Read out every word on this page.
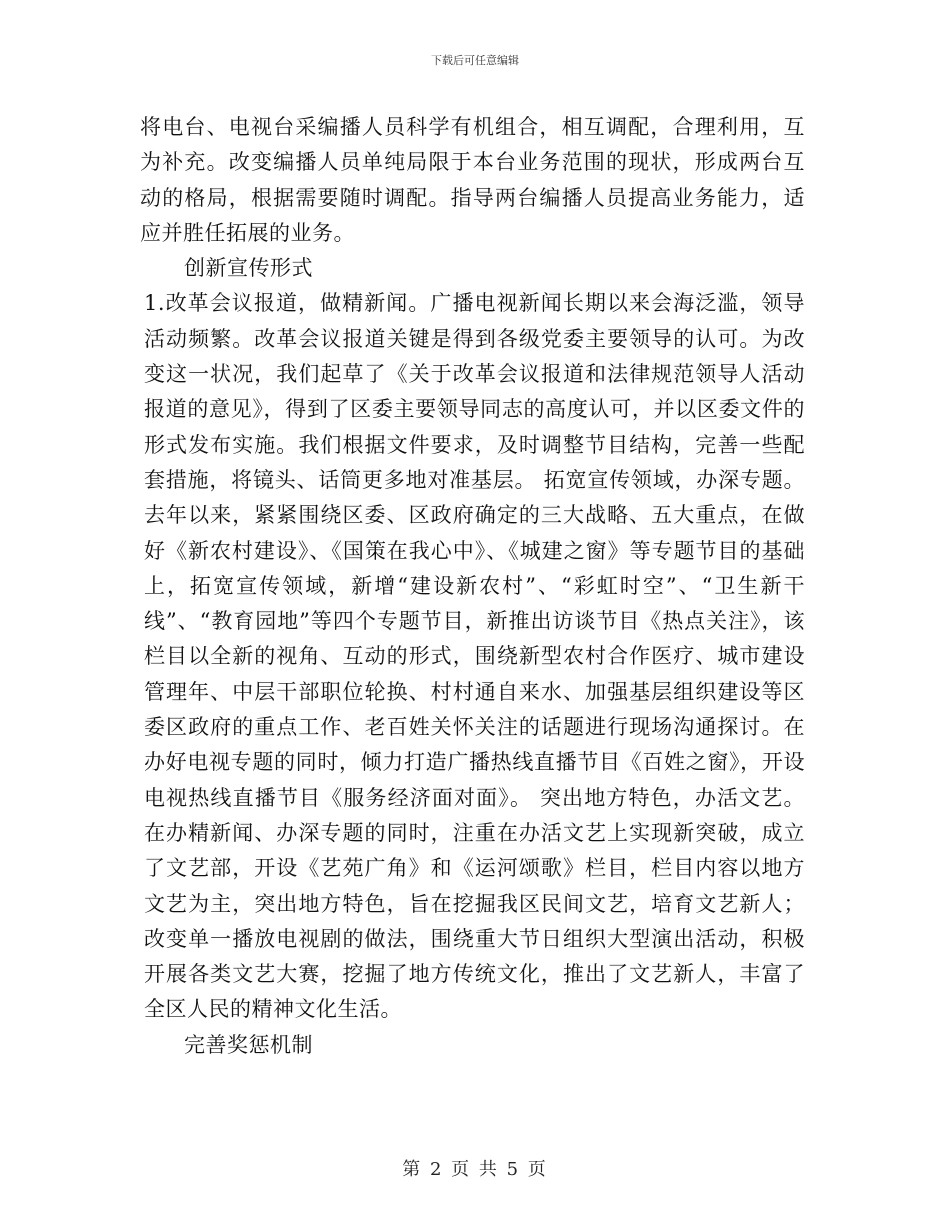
下载后可任意编辑

将电台、电视台采编播人员科学有机组合，相互调配，合理利用，互为补充。改变编播人员单纯局限于本台业务范围的现状，形成两台互动的格局，根据需要随时调配。指导两台编播人员提高业务能力，适应并胜任拓展的业务。

创新宣传形式

1.改革会议报道，做精新闻。广播电视新闻长期以来会海泛滥，领导活动频繁。改革会议报道关键是得到各级党委主要领导的认可。为改变这一状况，我们起草了《关于改革会议报道和法律规范领导人活动报道的意见》，得到了区委主要领导同志的高度认可，并以区委文件的形式发布实施。我们根据文件要求，及时调整节目结构，完善一些配套措施，将镜头、话筒更多地对准基层。 拓宽宣传领域，办深专题。去年以来，紧紧围绕区委、区政府确定的三大战略、五大重点，在做好《新农村建设》、《国策在我心中》、《城建之窗》等专题节目的基础上，拓宽宣传领域，新增“建设新农村”、“彩虹时空”、“卫生新干线”、“教育园地”等四个专题节目，新推出访谈节目《热点关注》，该栏目以全新的视角、互动的形式，围绕新型农村合作医疗、城市建设管理年、中层干部职位轮换、村村通自来水、加强基层组织建设等区委区政府的重点工作、老百姓关怀关注的话题进行现场沟通探讨。在办好电视专题的同时，倾力打造广播热线直播节目《百姓之窗》，开设电视热线直播节目《服务经济面对面》。 突出地方特色，办活文艺。在办精新闻、办深专题的同时，注重在办活文艺上实现新突破，成立了文艺部，开设《艺苑广角》和《运河颂歌》栏目，栏目内容以地方文艺为主，突出地方特色，旨在挖掘我区民间文艺，培育文艺新人；改变单一播放电视剧的做法，围绕重大节日组织大型演出活动，积极开展各类文艺大赛，挖掘了地方传统文化，推出了文艺新人，丰富了全区人民的精神文化生活。

完善奖惩机制

第 2 页 共 5 页
